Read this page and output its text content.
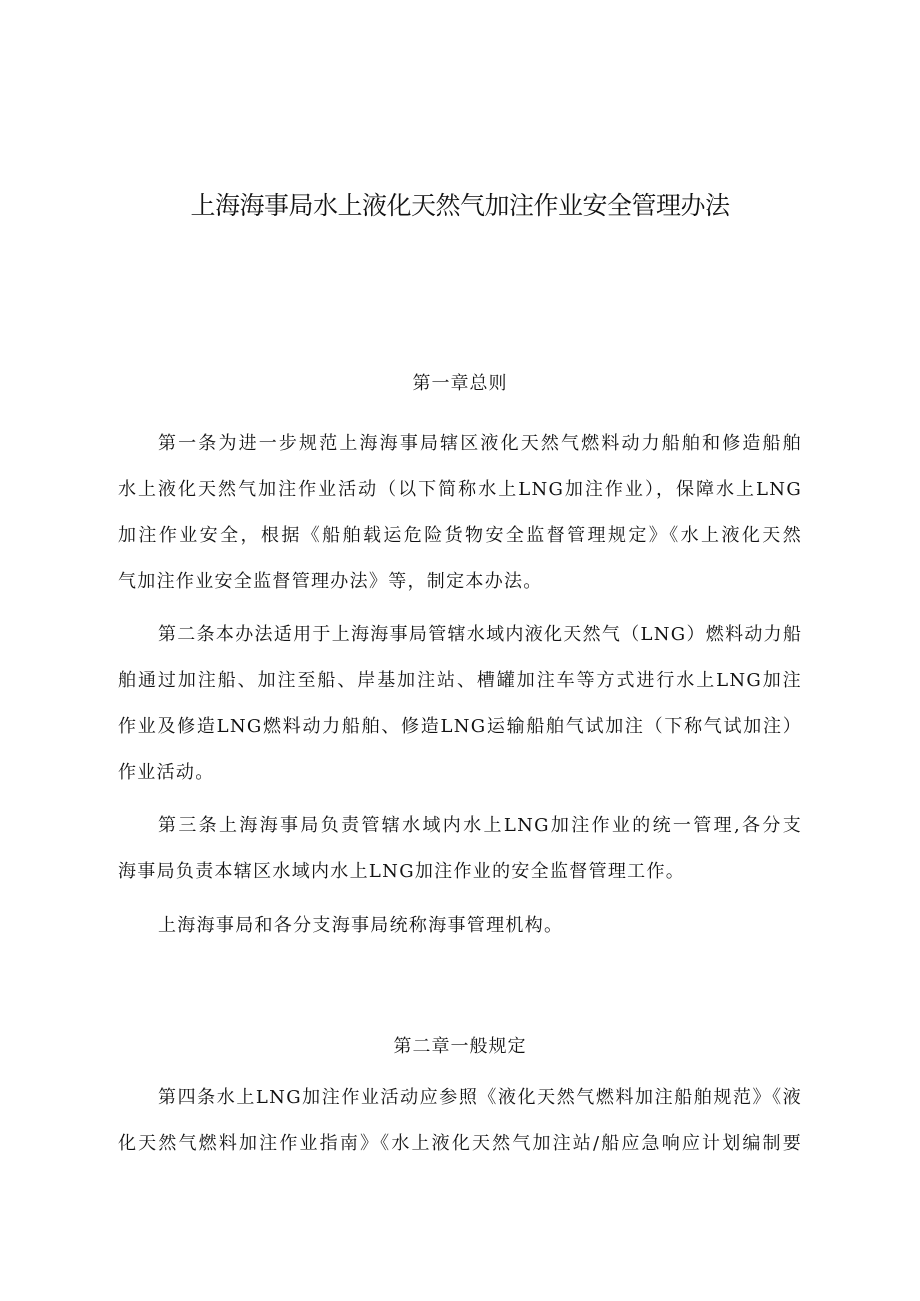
上海海事局水上液化天然气加注作业安全管理办法
第一章总则
第一条为进一步规范上海海事局辖区液化天然气燃料动力船舶和修造船舶
水上液化天然气加注作业活动（以下简称水上LNG加注作业），保障水上LNG
加注作业安全，根据《船舶载运危险货物安全监督管理规定》《水上液化天然
气加注作业安全监督管理办法》等，制定本办法。
第二条本办法适用于上海海事局管辖水域内液化天然气（LNG）燃料动力船
舶通过加注船、加注至船、岸基加注站、槽罐加注车等方式进行水上LNG加注
作业及修造LNG燃料动力船舶、修造LNG运输船舶气试加注（下称气试加注）
作业活动。
第三条上海海事局负责管辖水域内水上LNG加注作业的统一管理,各分支
海事局负责本辖区水域内水上LNG加注作业的安全监督管理工作。
上海海事局和各分支海事局统称海事管理机构。
第二章一般规定
第四条水上LNG加注作业活动应参照《液化天然气燃料加注船舶规范》《液
化天然气燃料加注作业指南》《水上液化天然气加注站/船应急响应计划编制要
